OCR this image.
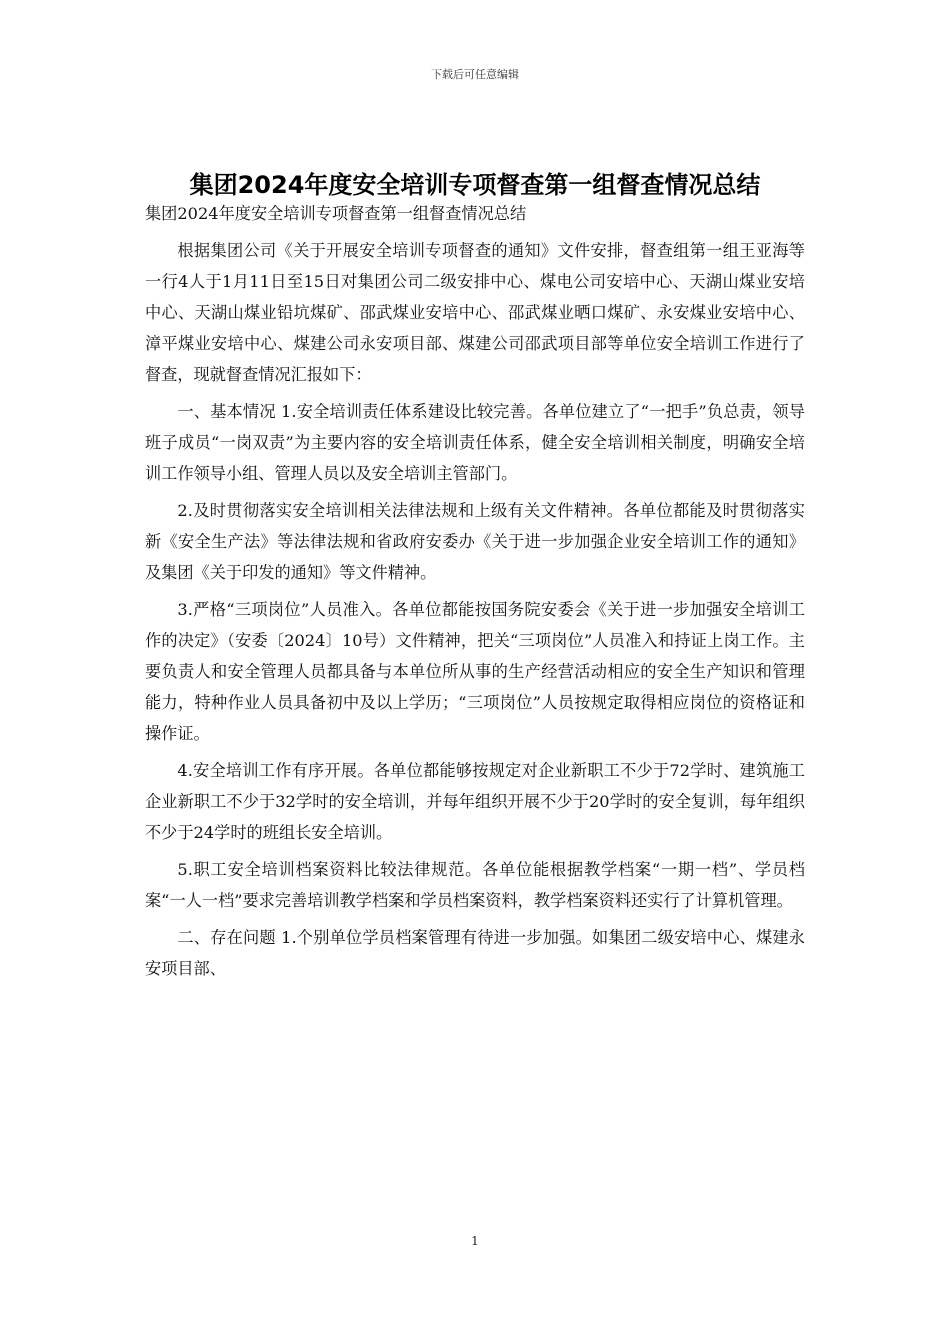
下载后可任意编辑
集团2024年度安全培训专项督查第一组督查情况总结

集团2024年度安全培训专项督查第一组督查情况总结

根据集团公司《关于开展安全培训专项督查的通知》文件安排，督查组第一组王亚海等一行4人于1月11日至15日对集团公司二级安排中心、煤电公司安培中心、天湖山煤业安培中心、天湖山煤业铅坑煤矿、邵武煤业安培中心、邵武煤业晒口煤矿、永安煤业安培中心、漳平煤业安培中心、煤建公司永安项目部、煤建公司邵武项目部等单位安全培训工作进行了督查，现就督查情况汇报如下：

一、基本情况 1.安全培训责任体系建设比较完善。各单位建立了“一把手”负总责，领导班子成员“一岗双责”为主要内容的安全培训责任体系，健全安全培训相关制度，明确安全培训工作领导小组、管理人员以及安全培训主管部门。

2.及时贯彻落实安全培训相关法律法规和上级有关文件精神。各单位都能及时贯彻落实新《安全生产法》等法律法规和省政府安委办《关于进一步加强企业安全培训工作的通知》及集团《关于印发的通知》等文件精神。

3.严格“三项岗位”人员准入。各单位都能按国务院安委会《关于进一步加强安全培训工作的决定》（安委〔2024〕10号）文件精神，把关“三项岗位”人员准入和持证上岗工作。主要负责人和安全管理人员都具备与本单位所从事的生产经营活动相应的安全生产知识和管理能力，特种作业人员具备初中及以上学历；“三项岗位”人员按规定取得相应岗位的资格证和操作证。

4.安全培训工作有序开展。各单位都能够按规定对企业新职工不少于72学时、建筑施工企业新职工不少于32学时的安全培训，并每年组织开展不少于20学时的安全复训，每年组织不少于24学时的班组长安全培训。

5.职工安全培训档案资料比较法律规范。各单位能根据教学档案“一期一档”、学员档案“一人一档”要求完善培训教学档案和学员档案资料，教学档案资料还实行了计算机管理。

二、存在问题 1.个别单位学员档案管理有待进一步加强。如集团二级安培中心、煤建永安项目部、

1
